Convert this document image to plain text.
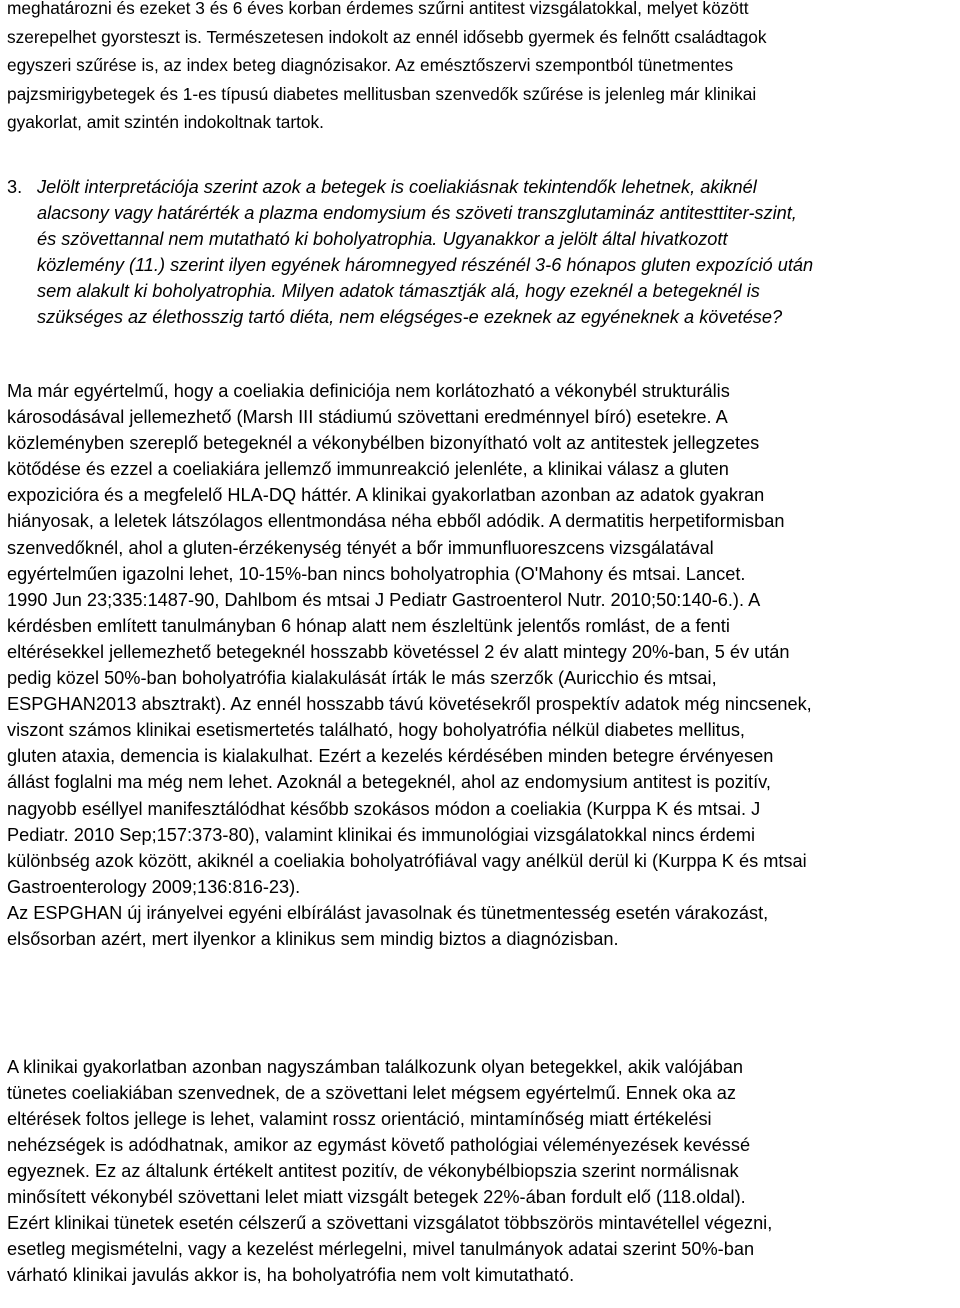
meghatározni és ezeket 3 és 6 éves korban érdemes szűrni antitest vizsgálatokkal, melyet között
szerepelhet gyorsteszt is. Természetesen indokolt az ennél idősebb gyermek és felnőtt családtagok
egyszeri szűrése is, az index beteg diagnózisakor. Az emésztőszervi szempontból tünetmentes
pajzsmirigybetegek és 1-es típusú diabetes mellitusban szenvedők szűrése is jelenleg már klinikai
gyakorlat, amit szintén indokoltnak tartok.
3. Jelölt interpretációja szerint azok a betegek is coeliakiásnak tekintendők lehetnek, akiknél
alacsony vagy határérték a plazma endomysium és szöveti transzglutamináz antitesttiter-szint,
és szövettannal nem mutatható ki boholyatrophia. Ugyanakkor a jelölt által hivatkozott
közlemény (11.) szerint ilyen egyének háromnegyed részénél 3-6 hónapos gluten expozíció után
sem alakult ki boholyatrophia. Milyen adatok támasztják alá, hogy ezeknél a betegeknél is
szükséges az élethosszig tartó diéta, nem elégséges-e ezeknek az egyéneknek a követése?
Ma már egyértelmű, hogy a coeliakia definiciója nem korlátozható a vékonybél strukturális
károsodásával jellemezhető (Marsh III stádiumú szövettani eredménnyel bíró) esetekre. A
közleményben szereplő betegeknél a vékonybélben bizonyítható volt az antitestek jellegzetes
kötődése és ezzel a coeliakiára jellemző immunreakció jelenléte, a klinikai válasz a gluten
expozicióra és a megfelelő HLA-DQ háttér. A klinikai gyakorlatban azonban az adatok gyakran
hiányosak, a leletek látszólagos ellentmondása néha ebből adódik. A dermatitis herpetiformisban
szenvedőknél, ahol a gluten-érzékenység tényét a bőr immunfluoreszcens vizsgálatával
egyértelműen igazolni lehet, 10-15%-ban nincs boholyatrophia (O'Mahony és mtsai. Lancet.
1990 Jun 23;335:1487-90, Dahlbom és mtsai J Pediatr Gastroenterol Nutr. 2010;50:140-6.). A
kérdésben említett tanulmányban 6 hónap alatt nem észleltünk jelentős romlást, de a fenti
eltérésekkel jellemezhető betegeknél hosszabb követéssel 2 év alatt mintegy 20%-ban, 5 év után
pedig közel 50%-ban boholyatrófia kialakulását írták le más szerzők (Auricchio és mtsai,
ESPGHAN2013 absztrakt). Az ennél hosszabb távú követésekről prospektív adatok még nincsenek,
viszont számos klinikai esetismertetés található, hogy boholyatrófia nélkül diabetes mellitus,
gluten ataxia, demencia is kialakulhat. Ezért a kezelés kérdésében minden betegre érvényesen
állást foglalni ma még nem lehet. Azoknál a betegeknél, ahol az endomysium antitest is pozitív,
nagyobb eséllyel manifesztálódhat később szokásos módon a coeliakia (Kurppa K és mtsai. J
Pediatr. 2010 Sep;157:373-80), valamint klinikai és immunológiai vizsgálatokkal nincs érdemi
különbség azok között, akiknél a coeliakia boholyatrófiával vagy anélkül derül ki (Kurppa K és mtsai
Gastroenterology 2009;136:816-23).
Az ESPGHAN új irányelvei egyéni elbírálást javasolnak és tünetmentesség esetén várakozást,
elsősorban azért, mert ilyenkor a klinikus sem mindig biztos a diagnózisban.
A klinikai gyakorlatban azonban nagyszámban találkozunk olyan betegekkel, akik valójában
tünetes coeliakiában szenvednek, de a szövettani lelet mégsem egyértelmű. Ennek oka az
eltérések foltos jellege is lehet, valamint rossz orientáció, mintamínőség miatt értékelési
nehézségek is adódhatnak, amikor az egymást követő pathológiai véleményezések kevéssé
egyeznek. Ez az általunk értékelt antitest pozitív, de vékonybélbiopszia szerint normálisnak
minősített vékonybél szövettani lelet miatt vizsgált betegek 22%-ában fordult elő (118.oldal).
Ezért klinikai tünetek esetén célszerű a szövettani vizsgálatot többszörös mintavétellel végezni,
esetleg megismételni, vagy a kezelést mérlegelni, mivel tanulmányok adatai szerint 50%-ban
várható klinikai javulás akkor is, ha boholyatrófia nem volt kimutatható.
